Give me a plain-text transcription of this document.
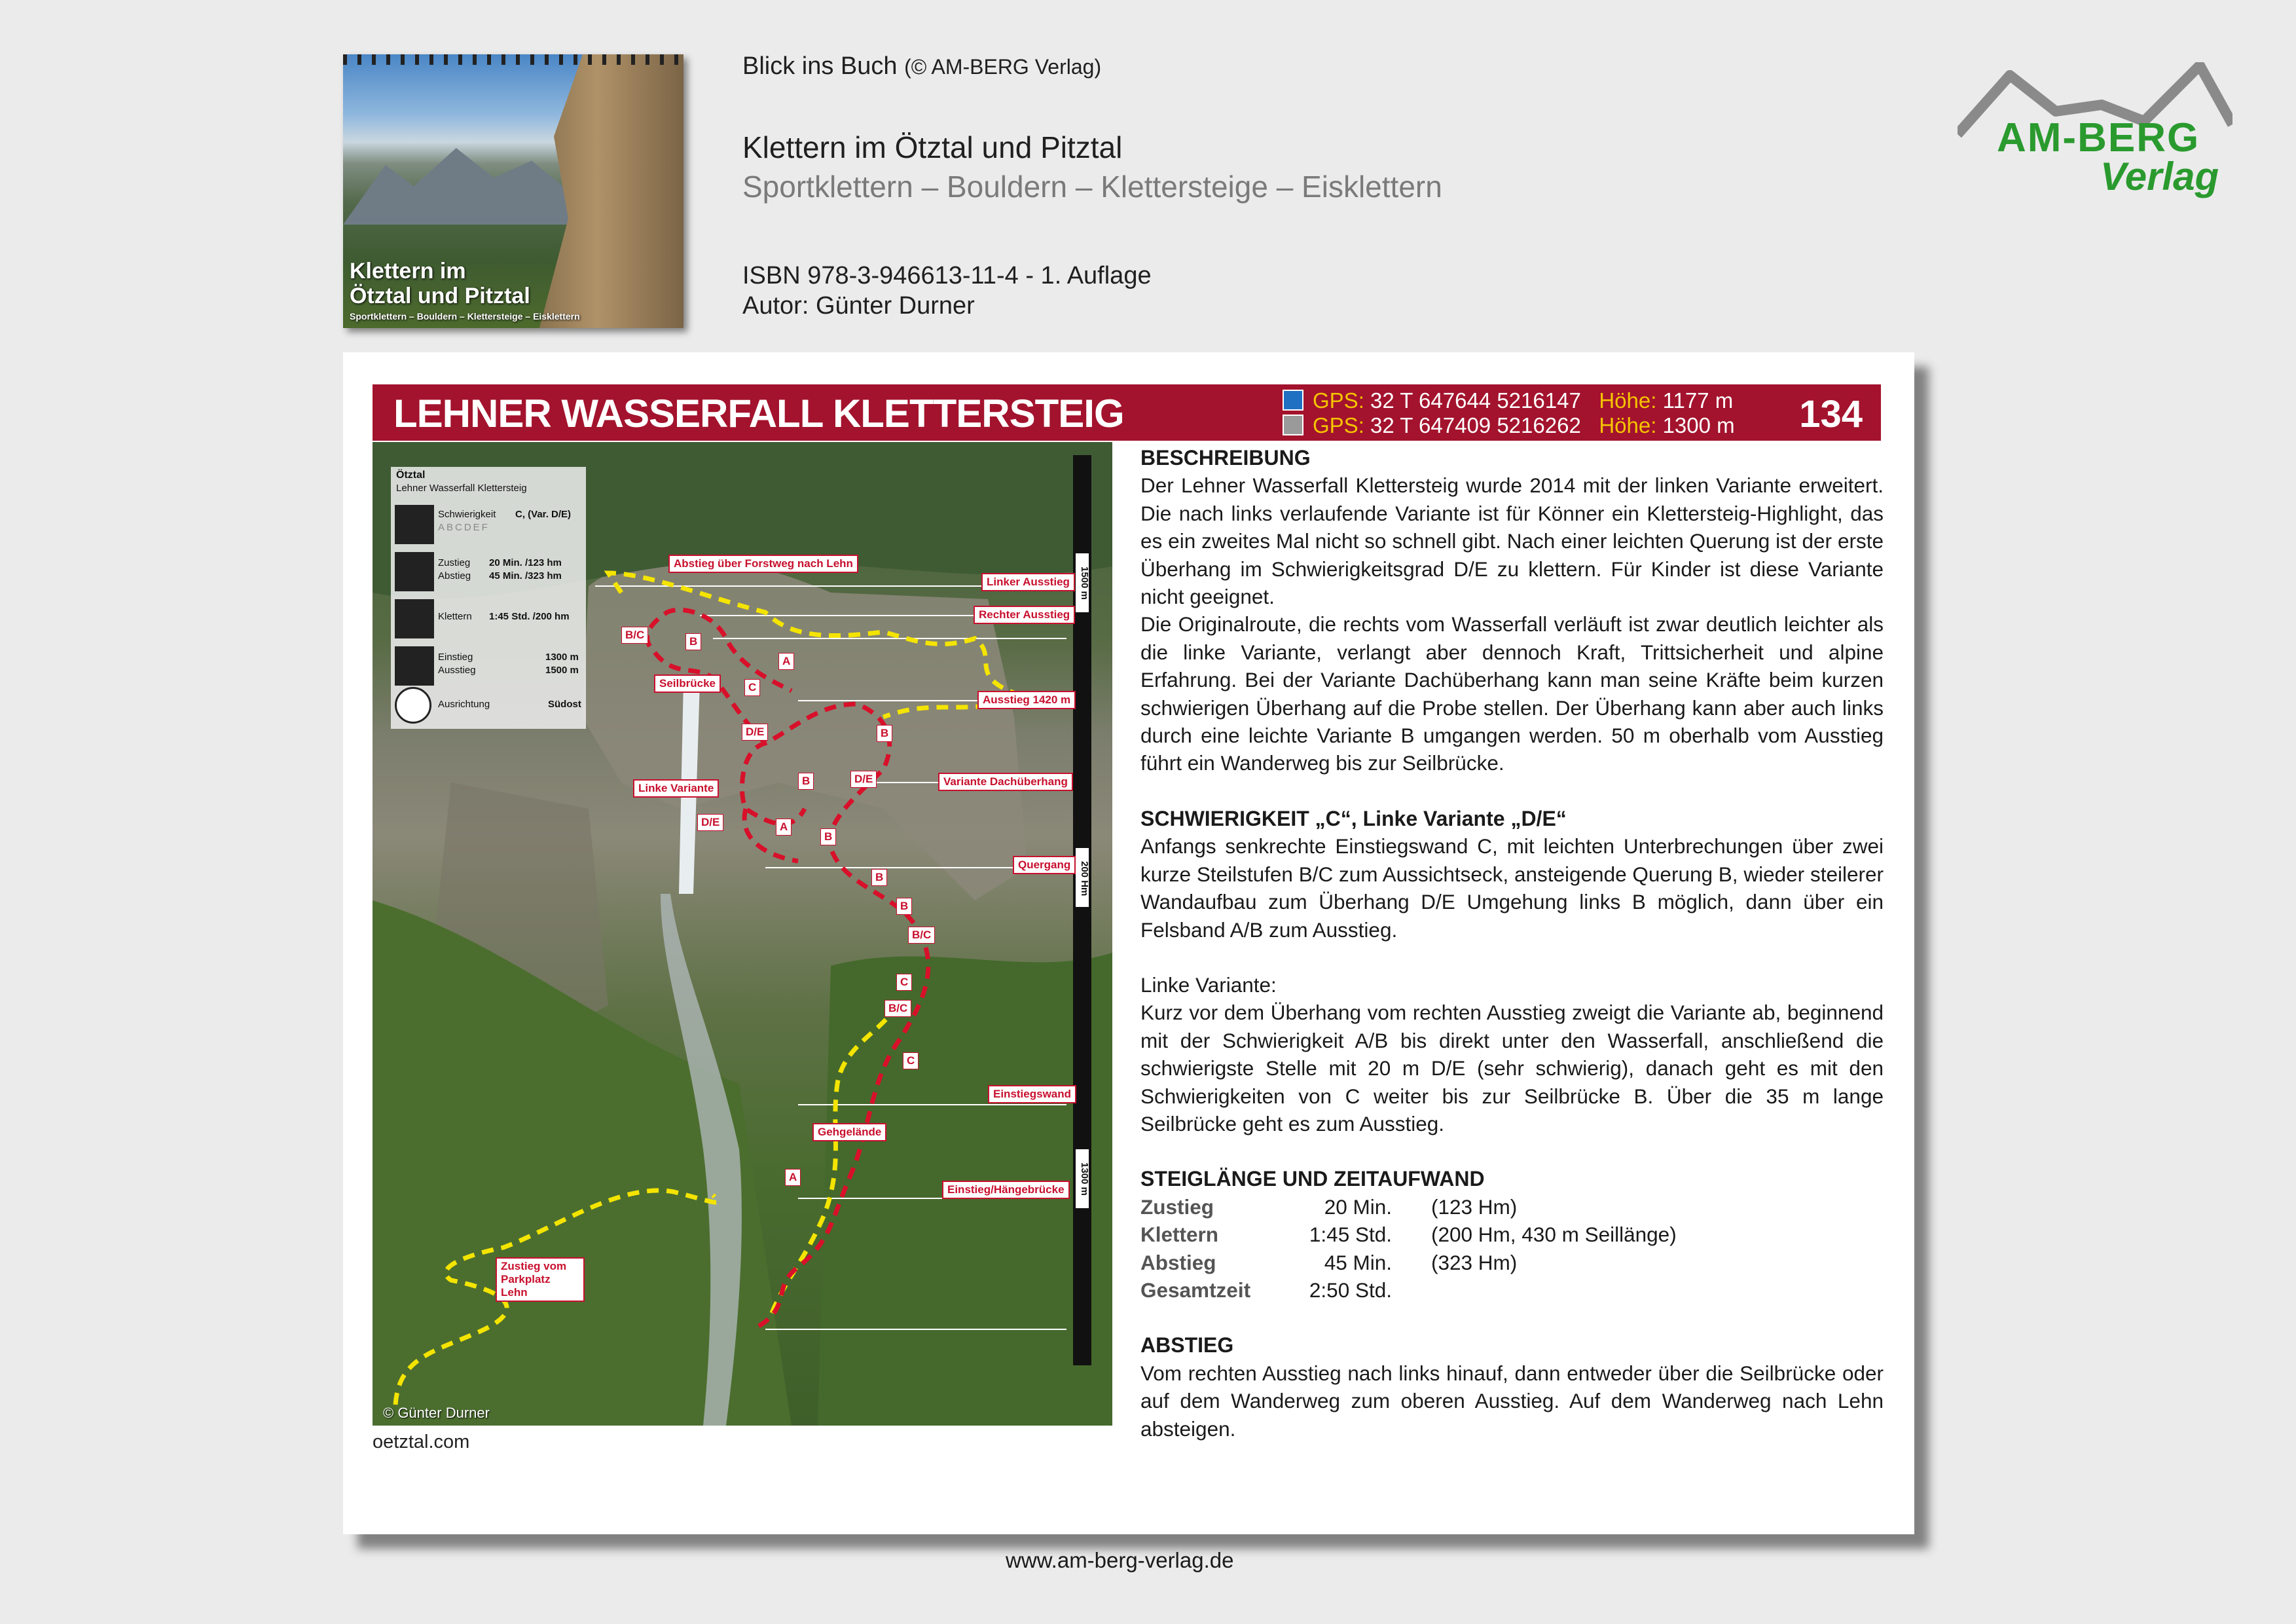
Klettern im
Ötztal und Pitztal
Sportklettern – Bouldern – Klettersteige – Eisklettern
Blick ins Buch (© AM-BERG Verlag)
Klettern im Ötztal und Pitztal
Sportklettern – Bouldern – Klettersteige – Eisklettern
ISBN 978-3-946613-11-4 - 1. Auflage
Autor: Günter Durner
AM-BERG
Verlag
LEHNER WASSERFALL KLETTERSTEIG	GPS: 32 T 647644 5216147 Höhe: 1177 m
GPS: 32 T 647409 5216262 Höhe: 1300 m 134
Ötztal
Lehner Wasserfall Klettersteig
Schwierigkeit C, (Var. D/E)
ABCDEF
Zustieg 20 Min. /123 hm
Abstieg 45 Min. /323 hm
Klettern 1:45 Std. /200 hm
Einstieg	1300 m
Ausstieg	1500 m
Ausrichtung	Südost
Abstieg über Forstweg nach Lehn
Linker Ausstieg
Rechter Ausstieg
Ausstieg 1420 m
Seilbrücke
Linke Variante
Variante Dachüberhang
Quergang
Einstiegswand
Gehgelände
Einstieg/Hängebrücke
Zustieg vom Parkplatz Lehn
B/C
B
A
C
D/E	B
D/E
B
A
D/E
B
B
B
B/C
C
B/C
C
A
1500 m
200 Hm
1300 m
© Günter Durner
oetztal.com
BESCHREIBUNG

Der Lehner Wasserfall Klettersteig wurde 2014 mit der linken Variante erweitert. Die nach links verlaufende Variante ist für Könner ein Klettersteig-Highlight, das es ein zweites Mal nicht so schnell gibt. Nach einer leichten Querung ist der erste Überhang im Schwierigkeitsgrad D/E zu klettern. Für Kinder ist diese Variante nicht geeignet.

Die Originalroute, die rechts vom Wasserfall verläuft ist zwar deutlich leichter als die linke Variante, verlangt aber dennoch Kraft, Trittsicherheit und alpine Erfahrung. Bei der Variante Dachüberhang kann man seine Kräfte beim kurzen schwierigen Überhang auf die Probe stellen. Der Überhang kann aber auch links durch eine leichte Variante B umgangen werden. 50 m oberhalb vom Ausstieg führt ein Wanderweg bis zur Seilbrücke.

SCHWIERIGKEIT „C“, Linke Variante „D/E“

Anfangs senkrechte Einstiegswand C, mit leichten Unterbrechungen über zwei kurze Steilstufen B/C zum Aussichtseck, ansteigende Querung B, wieder steilerer Wandaufbau zum Überhang D/E Umgehung links B möglich, dann über ein Felsband A/B zum Ausstieg.

Linke Variante:

Kurz vor dem Überhang vom rechten Ausstieg zweigt die Variante ab, beginnend mit der Schwierigkeit A/B bis direkt unter den Wasserfall, anschließend die schwierigste Stelle mit 20 m D/E (sehr schwierig), danach geht es mit den Schwierigkeiten von C weiter bis zur Seilbrücke B. Über die 35 m lange Seilbrücke geht es zum Ausstieg.

STEIGLÄNGE UND ZEITAUFWAND
Zustieg	20 Min.	(123 Hm)
Klettern	1:45 Std.	(200 Hm, 430 m Seillänge)
Abstieg	45 Min.	(323 Hm)
Gesamtzeit	2:50 Std.
ABSTIEG

Vom rechten Ausstieg nach links hinauf, dann entweder über die Seilbrücke oder auf dem Wanderweg zum oberen Ausstieg. Auf dem Wanderweg nach Lehn absteigen.

www.am-berg-verlag.de
